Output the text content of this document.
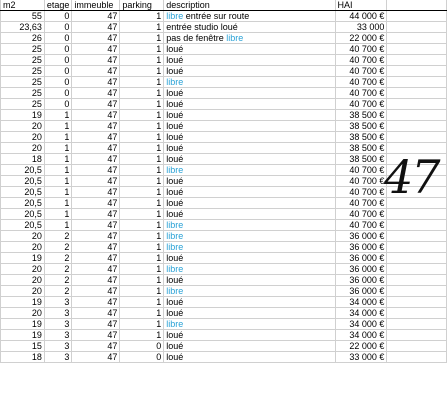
m2	etage	immeuble	parking	description	HAI	
55	0	47	1	libre entrée sur route	44 000 €	
23,63	0	47	1	entrée studio loué	33 000	
26	0	47	1	pas de fenêtre libre	22 000 €	
25	0	47	1	loué	40 700 €	
25	0	47	1	loué	40 700 €	
25	0	47	1	loué	40 700 €	
25	0	47	1	libre	40 700 €	
25	0	47	1	loué	40 700 €	
25	0	47	1	loué	40 700 €	
19	1	47	1	loué	38 500 €	
20	1	47	1	loué	38 500 €	
20	1	47	1	loué	38 500 €	
20	1	47	1	loué	38 500 €	
18	1	47	1	loué	38 500 €	
20,5	1	47	1	libre	40 700 €	
20,5	1	47	1	loué	40 700 €	
20,5	1	47	1	loué	40 700 €	
20,5	1	47	1	loué	40 700 €	
20,5	1	47	1	loué	40 700 €	
20,5	1	47	1	libre	40 700 €	
20	2	47	1	libre	36 000 €	
20	2	47	1	libre	36 000 €	
19	2	47	1	loué	36 000 €	
20	2	47	1	libre	36 000 €	
20	2	47	1	loué	36 000 €	
20	2	47	1	libre	36 000 €	
19	3	47	1	loué	34 000 €	
20	3	47	1	loué	34 000 €	
19	3	47	1	libre	34 000 €	
19	3	47	1	loué	34 000 €	
15	3	47	0	loué	22 000 €	
18	3	47	0	loué	33 000 €	
47
